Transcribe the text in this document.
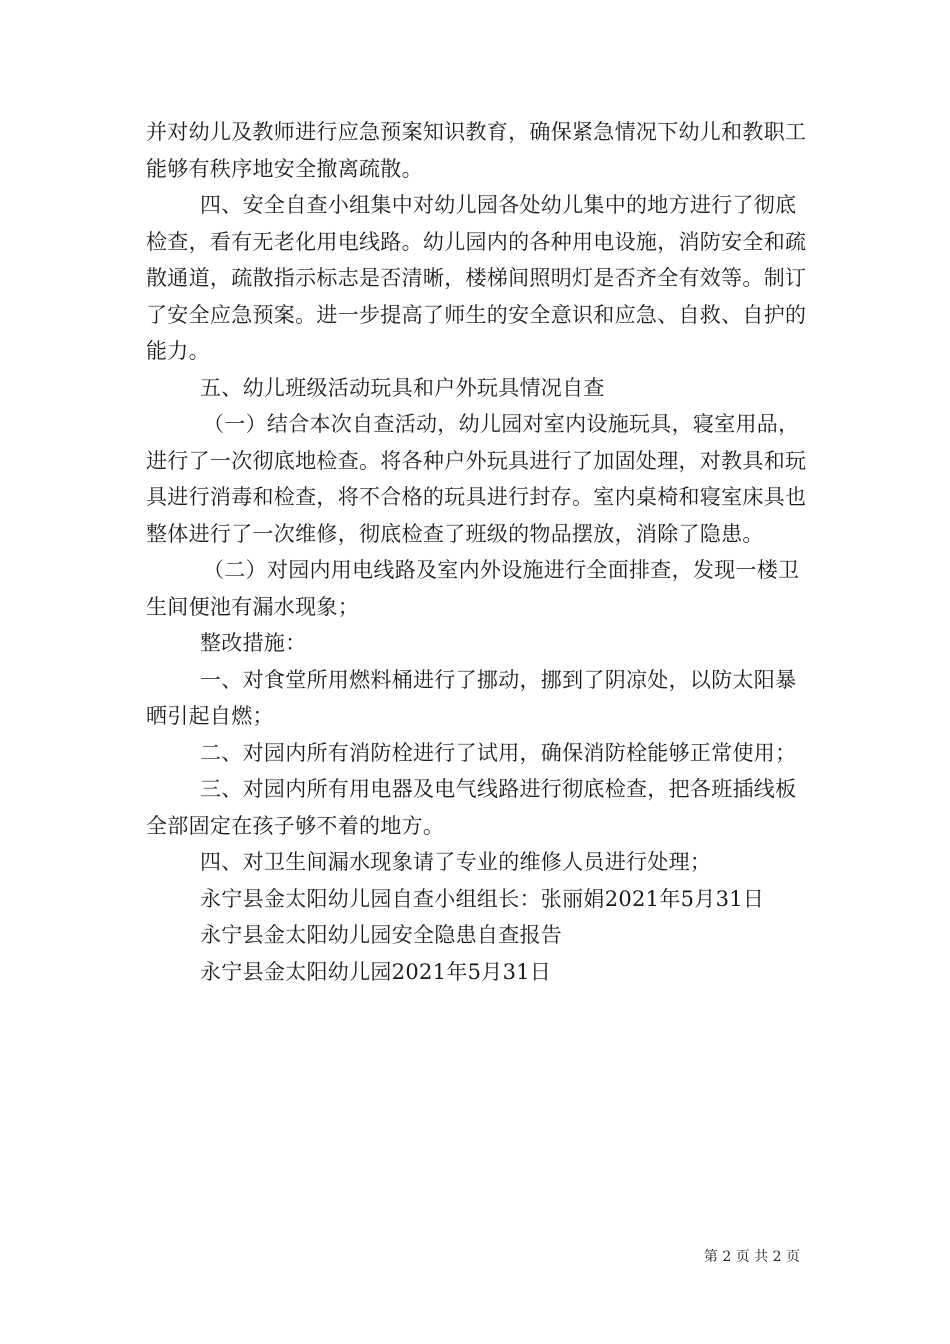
并对幼儿及教师进行应急预案知识教育，确保紧急情况下幼儿和教职工能够有秩序地安全撤离疏散。

四、安全自查小组集中对幼儿园各处幼儿集中的地方进行了彻底检查，看有无老化用电线路。幼儿园内的各种用电设施，消防安全和疏散通道，疏散指示标志是否清晰，楼梯间照明灯是否齐全有效等。制订了安全应急预案。进一步提高了师生的安全意识和应急、自救、自护的能力。

五、幼儿班级活动玩具和户外玩具情况自查

（一）结合本次自查活动，幼儿园对室内设施玩具，寝室用品，进行了一次彻底地检查。将各种户外玩具进行了加固处理，对教具和玩具进行消毒和检查，将不合格的玩具进行封存。室内桌椅和寝室床具也整体进行了一次维修，彻底检查了班级的物品摆放，消除了隐患。

（二）对园内用电线路及室内外设施进行全面排查，发现一楼卫生间便池有漏水现象；

整改措施：

一、对食堂所用燃料桶进行了挪动，挪到了阴凉处，以防太阳暴晒引起自燃；

二、对园内所有消防栓进行了试用，确保消防栓能够正常使用；

三、对园内所有用电器及电气线路进行彻底检查，把各班插线板全部固定在孩子够不着的地方。

四、对卫生间漏水现象请了专业的维修人员进行处理；

永宁县金太阳幼儿园自查小组组长：张丽娟2021年5月31日

永宁县金太阳幼儿园安全隐患自查报告

永宁县金太阳幼儿园2021年5月31日

第 2 页 共 2 页
